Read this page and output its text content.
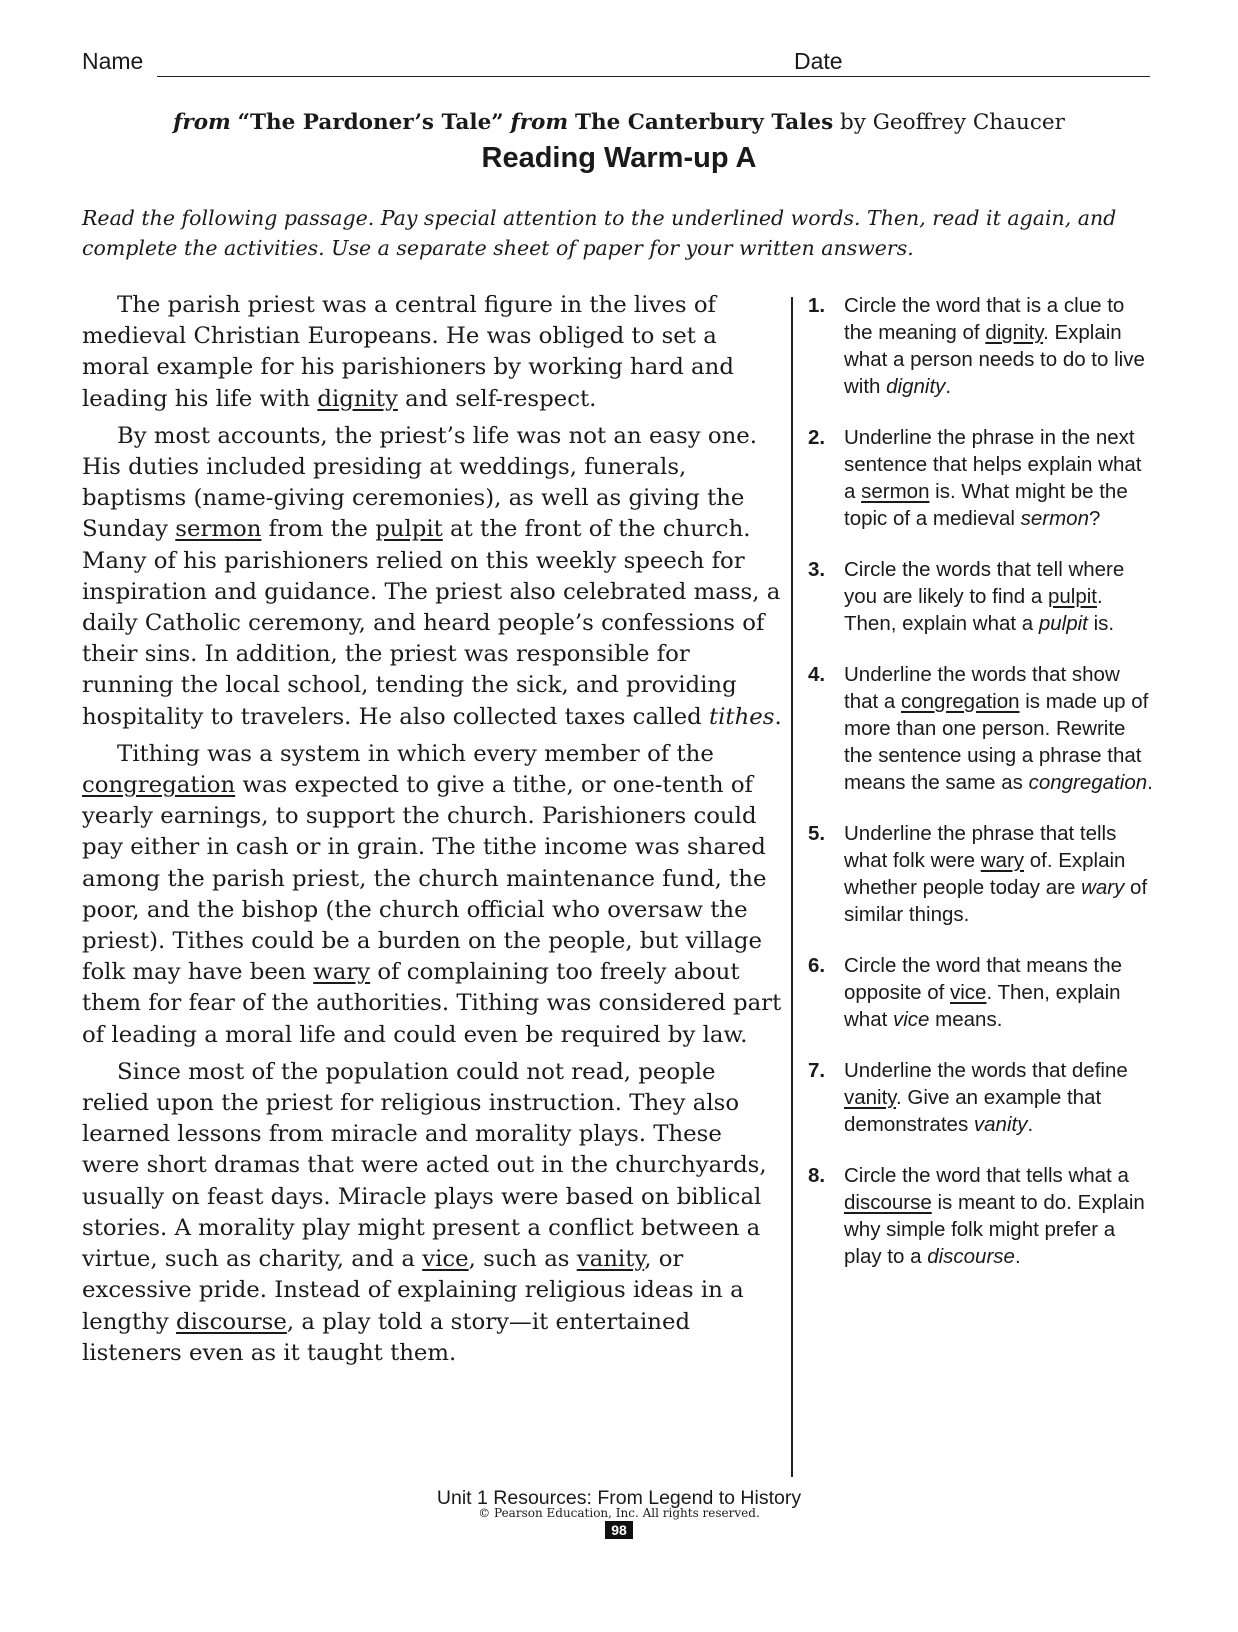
Name	Date
from “The Pardoner’s Tale” from The Canterbury Tales by Geoffrey Chaucer
Reading Warm-up A
Read the following passage. Pay special attention to the underlined words. Then, read it again, and complete the activities. Use a separate sheet of paper for your written answers.

The parish priest was a central figure in the lives of medieval Christian Europeans. He was obliged to set a moral example for his parishioners by working hard and leading his life with dignity and self-respect.

By most accounts, the priest’s life was not an easy one. His duties included presiding at weddings, funerals, baptisms (name-giving ceremonies), as well as giving the Sunday sermon from the pulpit at the front of the church. Many of his parishioners relied on this weekly speech for inspiration and guidance. The priest also celebrated mass, a daily Catholic ceremony, and heard people’s confessions of their sins. In addition, the priest was responsible for running the local school, tending the sick, and providing hospitality to travelers. He also collected taxes called tithes.

Tithing was a system in which every member of the congregation was expected to give a tithe, or one-tenth of yearly earnings, to support the church. Parishioners could pay either in cash or in grain. The tithe income was shared among the parish priest, the church maintenance fund, the poor, and the bishop (the church official who oversaw the priest). Tithes could be a burden on the people, but village folk may have been wary of complaining too freely about them for fear of the authorities. Tithing was considered part of leading a moral life and could even be required by law.

Since most of the population could not read, people relied upon the priest for religious instruction. They also learned lessons from miracle and morality plays. These were short dramas that were acted out in the churchyards, usually on feast days. Miracle plays were based on biblical stories. A morality play might present a conflict between a virtue, such as charity, and a vice, such as vanity, or excessive pride. Instead of explaining religious ideas in a lengthy discourse, a play told a story—it entertained listeners even as it taught them.

1. Circle the word that is a clue to the meaning of dignity. Explain what a person needs to do to live with dignity.
2. Underline the phrase in the next sentence that helps explain what a sermon is. What might be the topic of a medieval sermon?
3. Circle the words that tell where you are likely to find a pulpit. Then, explain what a pulpit is.
4. Underline the words that show that a congregation is made up of more than one person. Rewrite the sentence using a phrase that means the same as congregation.
5. Underline the phrase that tells what folk were wary of. Explain whether people today are wary of similar things.
6. Circle the word that means the opposite of vice. Then, explain what vice means.
7. Underline the words that define vanity. Give an example that demonstrates vanity.
8. Circle the word that tells what a discourse is meant to do. Explain why simple folk might prefer a play to a discourse.
Unit 1 Resources: From Legend to History
© Pearson Education, Inc. All rights reserved.
98
